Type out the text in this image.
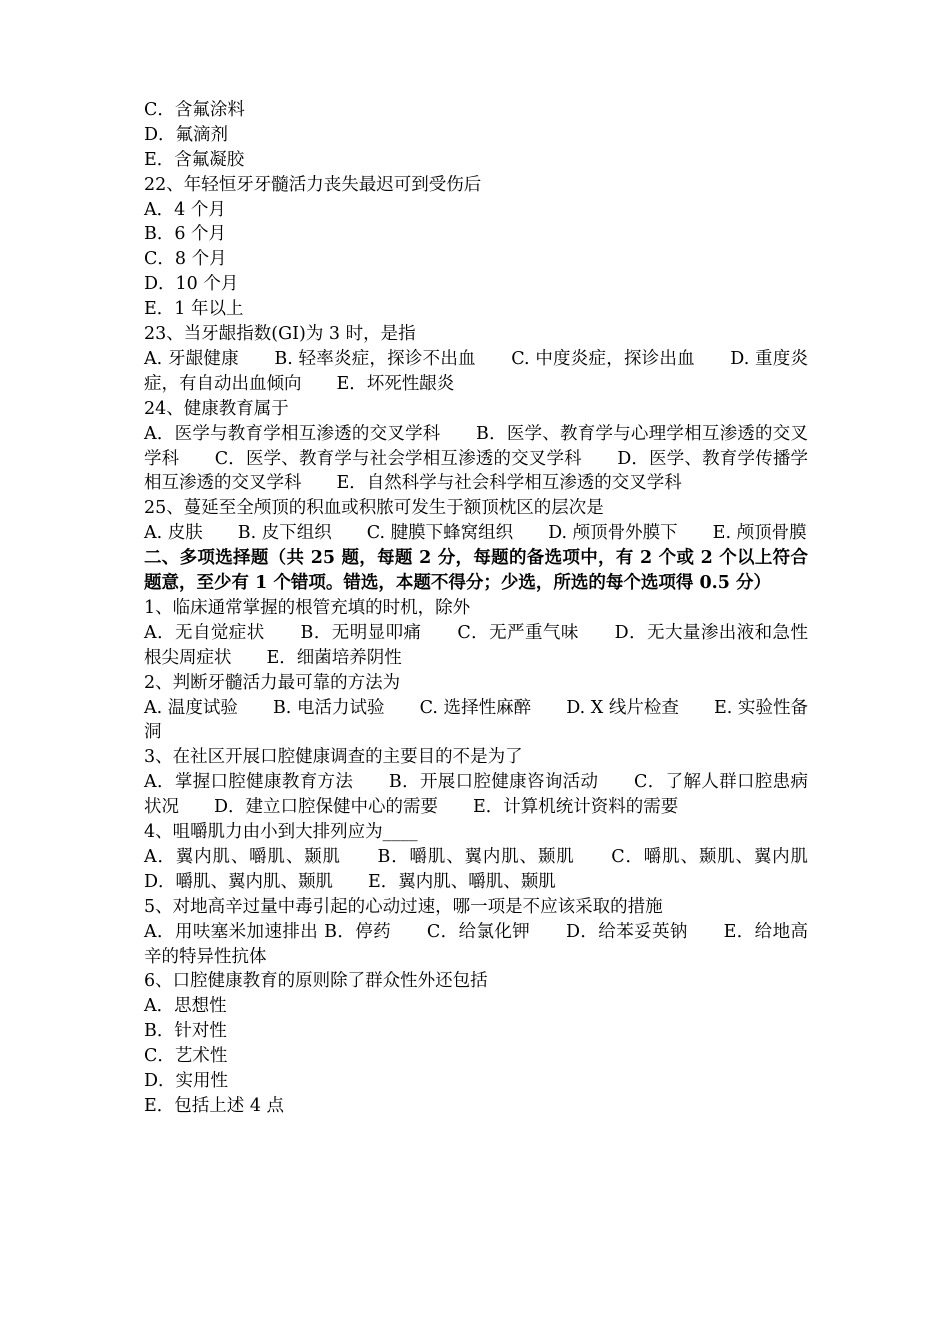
C．含氟涂料
D．氟滴剂
E．含氟凝胶
22、年轻恒牙牙髓活力丧失最迟可到受伤后
A．4 个月
B．6 个月
C．8 个月
D．10 个月
E．1 年以上
23、当牙龈指数(GI)为 3 时，是指
A. 牙龈健康　　B. 轻率炎症，探诊不出血　　C. 中度炎症，探诊出血　　D. 重度炎症，有自动出血倾向　　E．坏死性龈炎
24、健康教育属于
A．医学与教育学相互渗透的交叉学科　　B．医学、教育学与心理学相互渗透的交叉学科　　C．医学、教育学与社会学相互渗透的交叉学科　　D．医学、教育学传播学相互渗透的交叉学科　　E．自然科学与社会科学相互渗透的交叉学科
25、蔓延至全颅顶的积血或积脓可发生于额顶枕区的层次是
A. 皮肤　　B. 皮下组织　　C. 腱膜下蜂窝组织　　D. 颅顶骨外膜下　　E. 颅顶骨膜
二、多项选择题（共 25 题，每题 2 分，每题的备选项中，有 2 个或 2 个以上符合题意，至少有 1 个错项。错选，本题不得分；少选，所选的每个选项得 0.5 分）
1、临床通常掌握的根管充填的时机，除外
A．无自觉症状　　B．无明显叩痛　　C．无严重气味　　D．无大量渗出液和急性根尖周症状　　E．细菌培养阴性
2、判断牙髓活力最可靠的方法为
A. 温度试验　　B. 电活力试验　　C. 选择性麻醉　　D. X 线片检查　　E. 实验性备洞
3、在社区开展口腔健康调查的主要目的不是为了
A．掌握口腔健康教育方法　　B．开展口腔健康咨询活动　　C．了解人群口腔患病状况　　D．建立口腔保健中心的需要　　E．计算机统计资料的需要
4、咀嚼肌力由小到大排列应为____
A．翼内肌、嚼肌、颞肌　　B．嚼肌、翼内肌、颞肌　　C．嚼肌、颞肌、翼内肌　　D．嚼肌、翼内肌、颞肌　　E．翼内肌、嚼肌、颞肌
5、对地高辛过量中毒引起的心动过速，哪一项是不应该采取的措施
A．用呋塞米加速排出 B．停药　　C．给氯化钾　　D．给苯妥英钠　　E．给地高辛的特异性抗体
6、口腔健康教育的原则除了群众性外还包括
A．思想性
B．针对性
C．艺术性
D．实用性
E．包括上述 4 点
